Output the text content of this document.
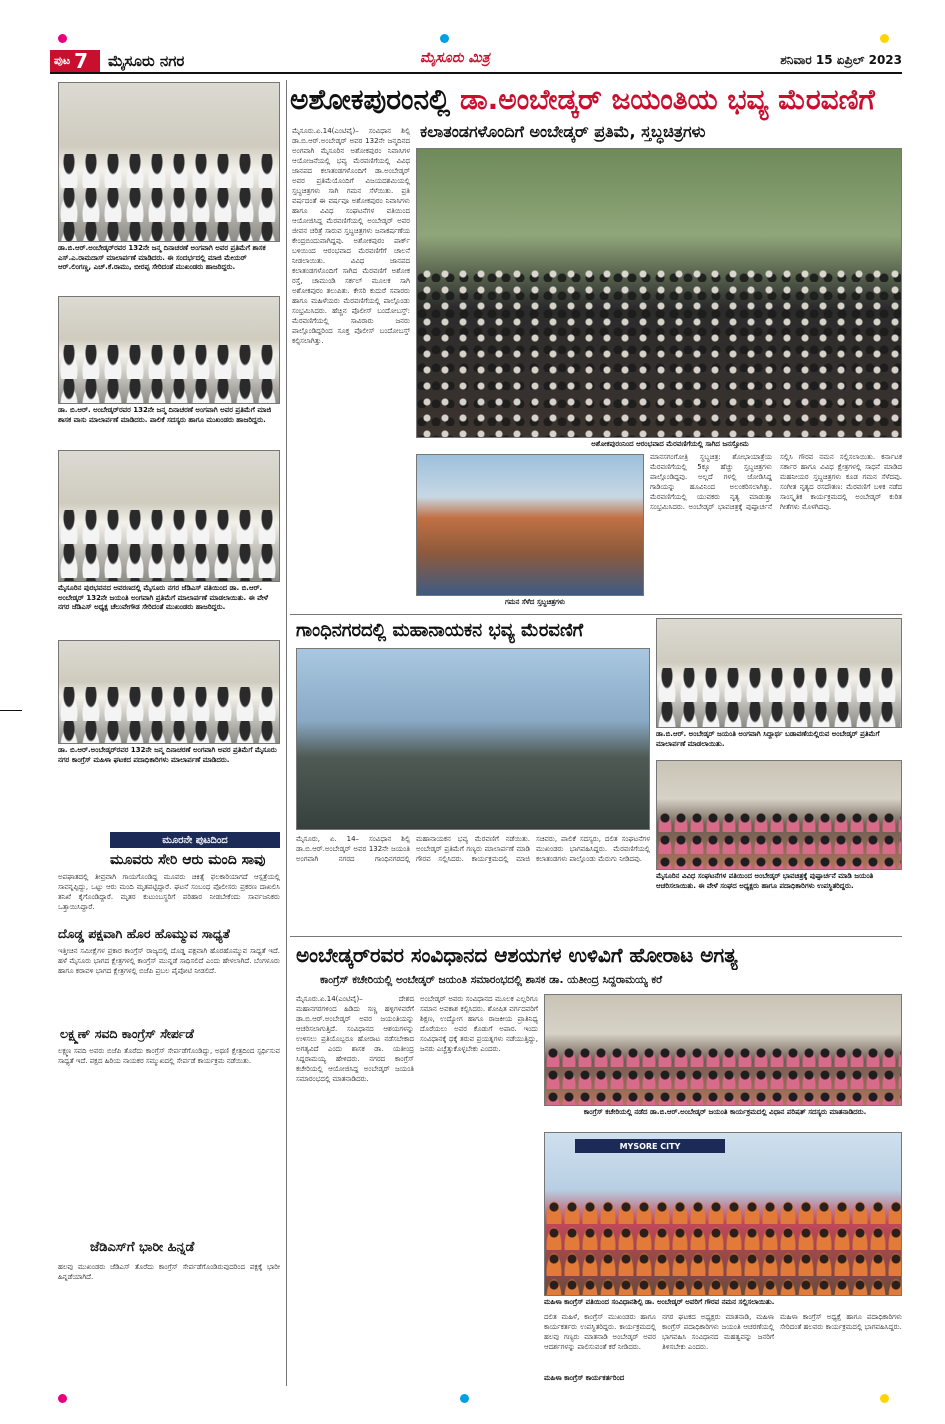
ಪುಟ 7 ಮೈಸೂರು ನಗರ	ಮೈಸೂರು ಮಿತ್ರ	ಶನಿವಾರ 15 ಏಪ್ರಿಲ್ 2023
ಡಾ.ಬಿ.ಆರ್.ಅಂಬೇಡ್ಕರ್‌ರವರ 132ನೇ ಜನ್ಮ ದಿನಾಚರಣೆ ಅಂಗವಾಗಿ ಅವರ ಪ್ರತಿಮೆಗೆ ಶಾಸಕ ಎಸ್.ಎ.ರಾಮದಾಸ್ ಮಾಲಾರ್ಪಣೆ ಮಾಡಿದರು. ಈ ಸಂದರ್ಭದಲ್ಲಿ ಮಾಜಿ ಮೇಯರ್ ಆರ್.ಲಿಂಗಣ್ಣ, ಎಚ್.ಕೆ.ರಾಮು, ಬೀರಪ್ಪ ಸೇರಿದಂತೆ ಮುಖಂಡರು ಹಾಜರಿದ್ದರು.
ಡಾ. ಬಿ.ಆರ್. ಅಂಬೇಡ್ಕರ್‌ರವರ 132ನೇ ಜನ್ಮ ದಿನಾಚರಣೆ ಅಂಗವಾಗಿ ಅವರ ಪ್ರತಿಮೆಗೆ ಮಾಜಿ ಶಾಸಕ ವಾಸು ಮಾಲಾರ್ಪಣೆ ಮಾಡಿದರು. ಪಾಲಿಕೆ ಸದಸ್ಯರು ಹಾಗೂ ಮುಖಂಡರು ಹಾಜರಿದ್ದರು.
ಮೈಸೂರಿನ ಪುರಭವನದ ಆವರಣದಲ್ಲಿ ಮೈಸೂರು ನಗರ ಜೆಡಿಎಸ್ ವತಿಯಿಂದ ಡಾ. ಬಿ.ಆರ್. ಅಂಬೇಡ್ಕರ್ 132ನೇ ಜಯಂತಿ ಅಂಗವಾಗಿ ಪ್ರತಿಮೆಗೆ ಮಾಲಾರ್ಪಣೆ ಮಾಡಲಾಯಿತು. ಈ ವೇಳೆ ನಗರ ಜೆಡಿಎಸ್ ಅಧ್ಯಕ್ಷ ಚೆಲುವೇಗೌಡ ಸೇರಿದಂತೆ ಮುಖಂಡರು ಹಾಜರಿದ್ದರು.
ಡಾ. ಬಿ.ಆರ್.ಅಂಬೇಡ್ಕರ್‌ರವರ 132ನೇ ಜನ್ಮ ದಿನಾಚರಣೆ ಅಂಗವಾಗಿ ಅವರ ಪ್ರತಿಮೆಗೆ ಮೈಸೂರು ನಗರ ಕಾಂಗ್ರೆಸ್ ಮಹಿಳಾ ಘಟಕದ ಪದಾಧಿಕಾರಿಗಳು ಮಾಲಾರ್ಪಣೆ ಮಾಡಿದರು.
ಮೂರನೇ ಪುಟದಿಂದ
ಮೂವರು ಸೇರಿ ಆರು ಮಂದಿ ಸಾವು
ಅಪಘಾತದಲ್ಲಿ ತೀವ್ರವಾಗಿ ಗಾಯಗೊಂಡಿದ್ದ ಮೂವರು ಚಿಕಿತ್ಸೆ ಫಲಕಾರಿಯಾಗದೆ ಆಸ್ಪತ್ರೆಯಲ್ಲಿ ಸಾವನ್ನಪ್ಪಿದ್ದು, ಒಟ್ಟು ಆರು ಮಂದಿ ಮೃತಪಟ್ಟಿದ್ದಾರೆ. ಘಟನೆ ಸಂಬಂಧ ಪೊಲೀಸರು ಪ್ರಕರಣ ದಾಖಲಿಸಿ ತನಿಖೆ ಕೈಗೊಂಡಿದ್ದಾರೆ. ಮೃತರ ಕುಟುಂಬಸ್ಥರಿಗೆ ಪರಿಹಾರ ನೀಡಬೇಕೆಂದು ಸಾರ್ವಜನಿಕರು ಒತ್ತಾಯಿಸಿದ್ದಾರೆ.
ದೊಡ್ಡ ಪಕ್ಷವಾಗಿ ಹೊರ ಹೊಮ್ಮುವ ಸಾಧ್ಯತೆ
ಇತ್ತೀಚಿನ ಸಮೀಕ್ಷೆಗಳ ಪ್ರಕಾರ ಕಾಂಗ್ರೆಸ್ ರಾಜ್ಯದಲ್ಲಿ ದೊಡ್ಡ ಪಕ್ಷವಾಗಿ ಹೊರಹೊಮ್ಮುವ ಸಾಧ್ಯತೆ ಇದೆ. ಹಳೆ ಮೈಸೂರು ಭಾಗದ ಕ್ಷೇತ್ರಗಳಲ್ಲಿ ಕಾಂಗ್ರೆಸ್ ಮುನ್ನಡೆ ಸಾಧಿಸಲಿದೆ ಎಂದು ಹೇಳಲಾಗಿದೆ. ಬೆಂಗಳೂರು ಹಾಗೂ ಕರಾವಳಿ ಭಾಗದ ಕ್ಷೇತ್ರಗಳಲ್ಲಿ ಬಿಜೆಪಿ ಪ್ರಬಲ ಪೈಪೋಟಿ ನೀಡಲಿದೆ.
ಲಕ್ಷ್ಮಣ್ ಸವದಿ ಕಾಂಗ್ರೆಸ್ ಸೇರ್ಪಡೆ
ಲಕ್ಷ್ಮಣ ಸವದಿ ಅವರು ಬಿಜೆಪಿ ತೊರೆದು ಕಾಂಗ್ರೆಸ್ ಸೇರ್ಪಡೆಗೊಂಡಿದ್ದು, ಅಥಣಿ ಕ್ಷೇತ್ರದಿಂದ ಸ್ಪರ್ಧಿಸುವ ಸಾಧ್ಯತೆ ಇದೆ. ಪಕ್ಷದ ಹಿರಿಯ ನಾಯಕರ ಸಮ್ಮುಖದಲ್ಲಿ ಸೇರ್ಪಡೆ ಕಾರ್ಯಕ್ರಮ ನಡೆಯಿತು.
ಜೆಡಿಎಸ್‌ಗೆ ಭಾರೀ ಹಿನ್ನಡೆ
ಹಲವು ಮುಖಂಡರು ಜೆಡಿಎಸ್ ತೊರೆದು ಕಾಂಗ್ರೆಸ್ ಸೇರ್ಪಡೆಗೊಂಡಿರುವುದರಿಂದ ಪಕ್ಷಕ್ಕೆ ಭಾರೀ ಹಿನ್ನಡೆಯಾಗಿದೆ.
ಅಶೋಕಪುರಂನಲ್ಲಿ ಡಾ.ಅಂಬೇಡ್ಕರ್ ಜಯಂತಿಯ ಭವ್ಯ ಮೆರವಣಿಗೆ
ಕಲಾತಂಡಗಳೊಂದಿಗೆ ಅಂಬೇಡ್ಕರ್ ಪ್ರತಿಮೆ, ಸ್ತಬ್ಧಚಿತ್ರಗಳು
ಮೈಸೂರು.ಏ.14(ಎಂಟಿವೈ)– ಸಂವಿಧಾನ ಶಿಲ್ಪಿ ಡಾ.ಬಿ.ಆರ್.ಅಂಬೇಡ್ಕರ್ ಅವರ 132ನೇ ಜನ್ಮದಿನದ ಅಂಗವಾಗಿ ಮೈಸೂರಿನ ಅಶೋಕಪುರಂ ನಿವಾಸಿಗಳ ಆಯೋಜನೆಯಲ್ಲಿ ಭವ್ಯ ಮೆರವಣಿಗೆಯಲ್ಲಿ ವಿವಿಧ ಜಾನಪದ ಕಲಾತಂಡಗಳೊಂದಿಗೆ ಡಾ.ಅಂಬೇಡ್ಕರ್ ಅವರ ಪ್ರತಿಮೆಯೊಂದಿಗೆ ವಿಜಯದಶಮಿಯಲ್ಲಿ ಸ್ತಬ್ಧಚಿತ್ರಗಳು ಸಾಗಿ ಗಮನ ಸೆಳೆಯಿತು. ಪ್ರತಿ ವರ್ಷದಂತೆ ಈ ವರ್ಷವೂ ಅಶೋಕಪುರಂ ನಿವಾಸಿಗಳು ಹಾಗೂ ವಿವಿಧ ಸಂಘಟನೆಗಳ ವತಿಯಿಂದ ಆಯೋಜಿಸಿದ್ದ ಮೆರವಣಿಗೆಯಲ್ಲಿ ಅಂಬೇಡ್ಕರ್ ಅವರ ಜೀವನ ಚರಿತ್ರೆ ಸಾರುವ ಸ್ತಬ್ಧಚಿತ್ರಗಳು ಜನಾಕರ್ಷಣೆಯ ಕೇಂದ್ರಬಿಂದುವಾಗಿದ್ದವು. ಅಶೋಕಪುರಂ ಪಾರ್ಕ್ ಬಳಿಯಿಂದ ಆರಂಭವಾದ ಮೆರವಣಿಗೆಗೆ ಚಾಲನೆ ನೀಡಲಾಯಿತು. ವಿವಿಧ ಜಾನಪದ ಕಲಾತಂಡಗಳೊಂದಿಗೆ ಸಾಗಿದ ಮೆರವಣಿಗೆ ಅಶೋಕ ರಸ್ತೆ, ಚಾಮುಂಡಿ ಸರ್ಕಲ್ ಮೂಲಕ ಸಾಗಿ ಅಶೋಕಪುರಂ ತಲುಪಿತು. ಕೇಸರಿ ಕುದುರೆ ಸವಾರರು ಹಾಗೂ ಮಹಿಳೆಯರು ಮೆರವಣಿಗೆಯಲ್ಲಿ ಪಾಲ್ಗೊಂಡು ಸಂಭ್ರಮಿಸಿದರು. ಹೆಚ್ಚಿನ ಪೊಲೀಸ್ ಬಂದೋಬಸ್ತ್: ಮೆರವಣಿಗೆಯಲ್ಲಿ ಸಾವಿರಾರು ಜನರು ಪಾಲ್ಗೊಂಡಿದ್ದರಿಂದ ಸೂಕ್ತ ಪೊಲೀಸ್ ಬಂದೋಬಸ್ತ್ ಕಲ್ಪಿಸಲಾಗಿತ್ತು.
ಅಶೋಕಪುರಂನಿಂದ ಆರಂಭವಾದ ಮೆರವಣಿಗೆಯಲ್ಲಿ ಸಾಗಿದ ಜನಸ್ತೋಮ
ಗಮನ ಸೆಳೆದ ಸ್ತಬ್ಧಚಿತ್ರಗಳು
ಮಾನಸಗಂಗೋತ್ರಿ ಸ್ಥಬ್ಧಚಿತ್ರ: ಶೋಭಾಯಾತ್ರೆಯ ಮೆರವಣಿಗೆಯಲ್ಲಿ 5ಕ್ಕೂ ಹೆಚ್ಚು ಸ್ತಬ್ಧಚಿತ್ರಗಳು ಪಾಲ್ಗೊಂಡಿದ್ದವು. ಅಲ್ಲದೆ ಗಳಲ್ಲಿ ಜೋಡಿಸಿದ್ದ ಗಾಡಿಯನ್ನು ಹೂವಿನಿಂದ ಅಲಂಕರಿಸಲಾಗಿತ್ತು. ಮೆರವಣಿಗೆಯಲ್ಲಿ ಯುವಕರು ನೃತ್ಯ ಮಾಡುತ್ತಾ ಸಂಭ್ರಮಿಸಿದರು. ಅಂಬೇಡ್ಕರ್ ಭಾವಚಿತ್ರಕ್ಕೆ ಪುಷ್ಪಾರ್ಚನೆ ಸಲ್ಲಿಸಿ ಗೌರವ ನಮನ ಸಲ್ಲಿಸಲಾಯಿತು. ಕರ್ನಾಟಕ ಸರ್ಕಾರ ಹಾಗೂ ವಿವಿಧ ಕ್ಷೇತ್ರಗಳಲ್ಲಿ ಸಾಧನೆ ಮಾಡಿದ ಮಹನೀಯರ ಸ್ತಬ್ಧಚಿತ್ರಗಳು ಕೂಡ ಗಮನ ಸೆಳೆದವು. ಸಂಗೀತ ನೃತ್ಯದ ರಸದೌತಣ: ಮೆರವಣಿಗೆ ಬಳಿಕ ನಡೆದ ಸಾಂಸ್ಕೃತಿಕ ಕಾರ್ಯಕ್ರಮದಲ್ಲಿ ಅಂಬೇಡ್ಕರ್ ಕುರಿತ ಗೀತೆಗಳು ಮೊಳಗಿದವು.
ಗಾಂಧಿನಗರದಲ್ಲಿ ಮಹಾನಾಯಕನ ಭವ್ಯ ಮೆರವಣಿಗೆ
ಮೈಸೂರು, ಏ. 14– ಸಂವಿಧಾನ ಶಿಲ್ಪಿ ಡಾ.ಬಿ.ಆರ್.ಅಂಬೇಡ್ಕರ್ ಅವರ 132ನೇ ಜಯಂತಿ ಅಂಗವಾಗಿ ನಗರದ ಗಾಂಧಿನಗರದಲ್ಲಿ ಮಹಾನಾಯಕನ ಭವ್ಯ ಮೆರವಣಿಗೆ ನಡೆಯಿತು. ಅಂಬೇಡ್ಕರ್ ಪ್ರತಿಮೆಗೆ ಗಣ್ಯರು ಮಾಲಾರ್ಪಣೆ ಮಾಡಿ ಗೌರವ ಸಲ್ಲಿಸಿದರು. ಕಾರ್ಯಕ್ರಮದಲ್ಲಿ ಮಾಜಿ ಸಚಿವರು, ಪಾಲಿಕೆ ಸದಸ್ಯರು, ದಲಿತ ಸಂಘಟನೆಗಳ ಮುಖಂಡರು ಭಾಗವಹಿಸಿದ್ದರು. ಮೆರವಣಿಗೆಯಲ್ಲಿ ಕಲಾತಂಡಗಳು ಪಾಲ್ಗೊಂಡು ಮೆರುಗು ನೀಡಿದವು.
ಡಾ.ಬಿ.ಆರ್. ಅಂಬೇಡ್ಕರ್ ಜಯಂತಿ ಅಂಗವಾಗಿ ಸಿದ್ದಾರ್ಥ ಬಡಾವಣೆಯಲ್ಲಿರುವ ಅಂಬೇಡ್ಕರ್ ಪ್ರತಿಮೆಗೆ ಮಾಲಾರ್ಪಣೆ ಮಾಡಲಾಯಿತು.
ಮೈಸೂರಿನ ವಿವಿಧ ಸಂಘಟನೆಗಳ ವತಿಯಿಂದ ಅಂಬೇಡ್ಕರ್ ಭಾವಚಿತ್ರಕ್ಕೆ ಪುಷ್ಪಾರ್ಚನೆ ಮಾಡಿ ಜಯಂತಿ ಆಚರಿಸಲಾಯಿತು. ಈ ವೇಳೆ ಸಂಘದ ಅಧ್ಯಕ್ಷರು ಹಾಗೂ ಪದಾಧಿಕಾರಿಗಳು ಉಪಸ್ಥಿತರಿದ್ದರು.
ಅಂಬೇಡ್ಕರ್‌ರವರ ಸಂವಿಧಾನದ ಆಶಯಗಳ ಉಳಿವಿಗೆ ಹೋರಾಟ ಅಗತ್ಯ
ಕಾಂಗ್ರೆಸ್ ಕಚೇರಿಯಲ್ಲಿ ಅಂಬೇಡ್ಕರ್ ಜಯಂತಿ ಸಮಾರಂಭದಲ್ಲಿ ಶಾಸಕ ಡಾ. ಯತೀಂದ್ರ ಸಿದ್ದರಾಮಯ್ಯ ಕರೆ
ಮೈಸೂರು.ಏ.14(ಎಂಟಿವೈ)– ದೇಶದ ಮಹಾನಗರಗಳಿಂದ ಹಿಡಿದು ಸಣ್ಣ ಹಳ್ಳಿಗಳವರೆಗೆ ಡಾ.ಬಿ.ಆರ್.ಅಂಬೇಡ್ಕರ್ ಅವರ ಜಯಂತಿಯನ್ನು ಆಚರಿಸಲಾಗುತ್ತಿದೆ. ಸಂವಿಧಾನದ ಆಶಯಗಳನ್ನು ಉಳಿಸಲು ಪ್ರತಿಯೊಬ್ಬರೂ ಹೋರಾಟ ನಡೆಸಬೇಕಾದ ಅಗತ್ಯವಿದೆ ಎಂದು ಶಾಸಕ ಡಾ. ಯತೀಂದ್ರ ಸಿದ್ದರಾಮಯ್ಯ ಹೇಳಿದರು. ನಗರದ ಕಾಂಗ್ರೆಸ್ ಕಚೇರಿಯಲ್ಲಿ ಆಯೋಜಿಸಿದ್ದ ಅಂಬೇಡ್ಕರ್ ಜಯಂತಿ ಸಮಾರಂಭದಲ್ಲಿ ಮಾತನಾಡಿದರು.
ಅಂಬೇಡ್ಕರ್ ಅವರು ಸಂವಿಧಾನದ ಮೂಲಕ ಎಲ್ಲರಿಗೂ ಸಮಾನ ಅವಕಾಶ ಕಲ್ಪಿಸಿದರು. ಶೋಷಿತ ವರ್ಗದವರಿಗೆ ಶಿಕ್ಷಣ, ಉದ್ಯೋಗ ಹಾಗೂ ರಾಜಕೀಯ ಪ್ರಾತಿನಿಧ್ಯ ದೊರೆಯಲು ಅವರ ಕೊಡುಗೆ ಅಪಾರ. ಇಂದು ಸಂವಿಧಾನಕ್ಕೆ ಧಕ್ಕೆ ತರುವ ಪ್ರಯತ್ನಗಳು ನಡೆಯುತ್ತಿದ್ದು, ಜನರು ಎಚ್ಚೆತ್ತುಕೊಳ್ಳಬೇಕು ಎಂದರು.
ಕಾಂಗ್ರೆಸ್ ಕಚೇರಿಯಲ್ಲಿ ನಡೆದ ಡಾ.ಬಿ.ಆರ್.ಅಂಬೇಡ್ಕರ್ ಜಯಂತಿ ಕಾರ್ಯಕ್ರಮದಲ್ಲಿ ವಿಧಾನ ಪರಿಷತ್ ಸದಸ್ಯರು ಮಾತನಾಡಿದರು.
MYSORE CITY
ಮಹಿಳಾ ಕಾಂಗ್ರೆಸ್ ವತಿಯಿಂದ ಸಂವಿಧಾನಶಿಲ್ಪಿ ಡಾ. ಅಂಬೇಡ್ಕರ್ ಅವರಿಗೆ ಗೌರವ ನಮನ ಸಲ್ಲಿಸಲಾಯಿತು.
ದಲಿತ ಮಹಿಳೆ, ಕಾಂಗ್ರೆಸ್ ಮುಖಂಡರು ಹಾಗೂ ಕಾರ್ಯಕರ್ತರು ಉಪಸ್ಥಿತರಿದ್ದರು. ಕಾರ್ಯಕ್ರಮದಲ್ಲಿ ಹಲವು ಗಣ್ಯರು ಮಾತನಾಡಿ ಅಂಬೇಡ್ಕರ್ ಅವರ ಆದರ್ಶಗಳನ್ನು ಪಾಲಿಸುವಂತೆ ಕರೆ ನೀಡಿದರು.
ನಗರ ಘಟಕದ ಅಧ್ಯಕ್ಷರು ಮಾತನಾಡಿ, ಮಹಿಳಾ ಕಾಂಗ್ರೆಸ್ ಪದಾಧಿಕಾರಿಗಳು ಜಯಂತಿ ಆಚರಣೆಯಲ್ಲಿ ಭಾಗವಹಿಸಿ ಸಂವಿಧಾನದ ಮಹತ್ವವನ್ನು ಜನರಿಗೆ ತಿಳಿಸಬೇಕು ಎಂದರು.
ಮಹಿಳಾ ಕಾಂಗ್ರೆಸ್ ಅಧ್ಯಕ್ಷೆ ಹಾಗೂ ಪದಾಧಿಕಾರಿಗಳು ಸೇರಿದಂತೆ ಹಲವರು ಕಾರ್ಯಕ್ರಮದಲ್ಲಿ ಭಾಗವಹಿಸಿದ್ದರು.
ಮಹಿಳಾ ಕಾಂಗ್ರೆಸ್ ಕಾರ್ಯಕರ್ತರಿಂದ
